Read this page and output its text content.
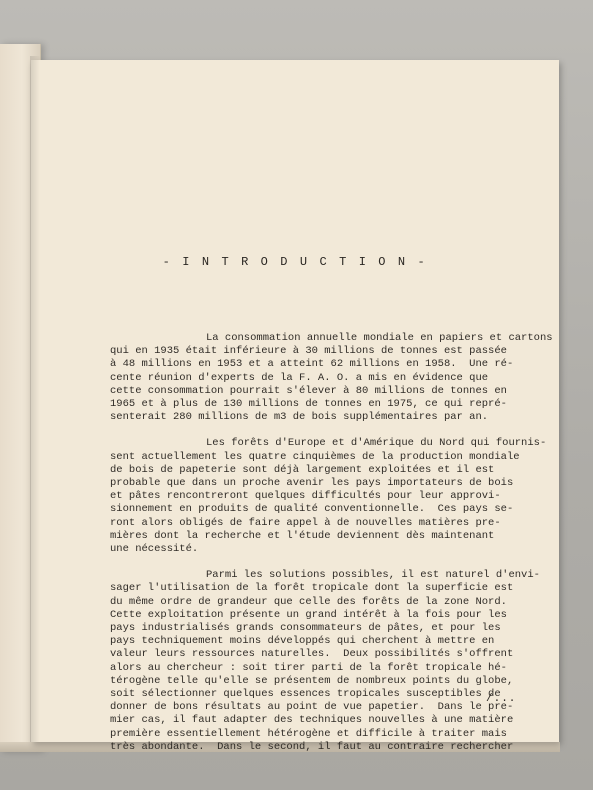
- I N T R O D U C T I O N -

La consommation annuelle mondiale en papiers et cartons
qui en 1935 était inférieure à 30 millions de tonnes est passée
à 48 millions en 1953 et a atteint 62 millions en 1958.  Une ré-
cente réunion d'experts de la F. A. O. a mis en évidence que
cette consommation pourrait s'élever à 80 millions de tonnes en
1965 et à plus de 130 millions de tonnes en 1975, ce qui repré-
senterait 280 millions de m3 de bois supplémentaires par an.

Les forêts d'Europe et d'Amérique du Nord qui fournis-
sent actuellement les quatre cinquièmes de la production mondiale
de bois de papeterie sont déjà largement exploitées et il est
probable que dans un proche avenir les pays importateurs de bois
et pâtes rencontreront quelques difficultés pour leur approvi-
sionnement en produits de qualité conventionnelle.  Ces pays se-
ront alors obligés de faire appel à de nouvelles matières pre-
mières dont la recherche et l'étude deviennent dès maintenant
une nécessité.

Parmi les solutions possibles, il est naturel d'envi-
sager l'utilisation de la forêt tropicale dont la superficie est
du même ordre de grandeur que celle des forêts de la zone Nord.
Cette exploitation présente un grand intérêt à la fois pour les
pays industrialisés grands consommateurs de pâtes, et pour les
pays techniquement moins développés qui cherchent à mettre en
valeur leurs ressources naturelles.  Deux possibilités s'offrent
alors au chercheur : soit tirer parti de la forêt tropicale hé-
térogène telle qu'elle se présentem de nombreux points du globe,
soit sélectionner quelques essences tropicales susceptibles de
donner de bons résultats au point de vue papetier.  Dans le pre-
mier cas, il faut adapter des techniques nouvelles à une matière
première essentiellement hétérogène et difficile à traiter mais
très abondante.  Dans le second, il faut au contraire rechercher

/...
